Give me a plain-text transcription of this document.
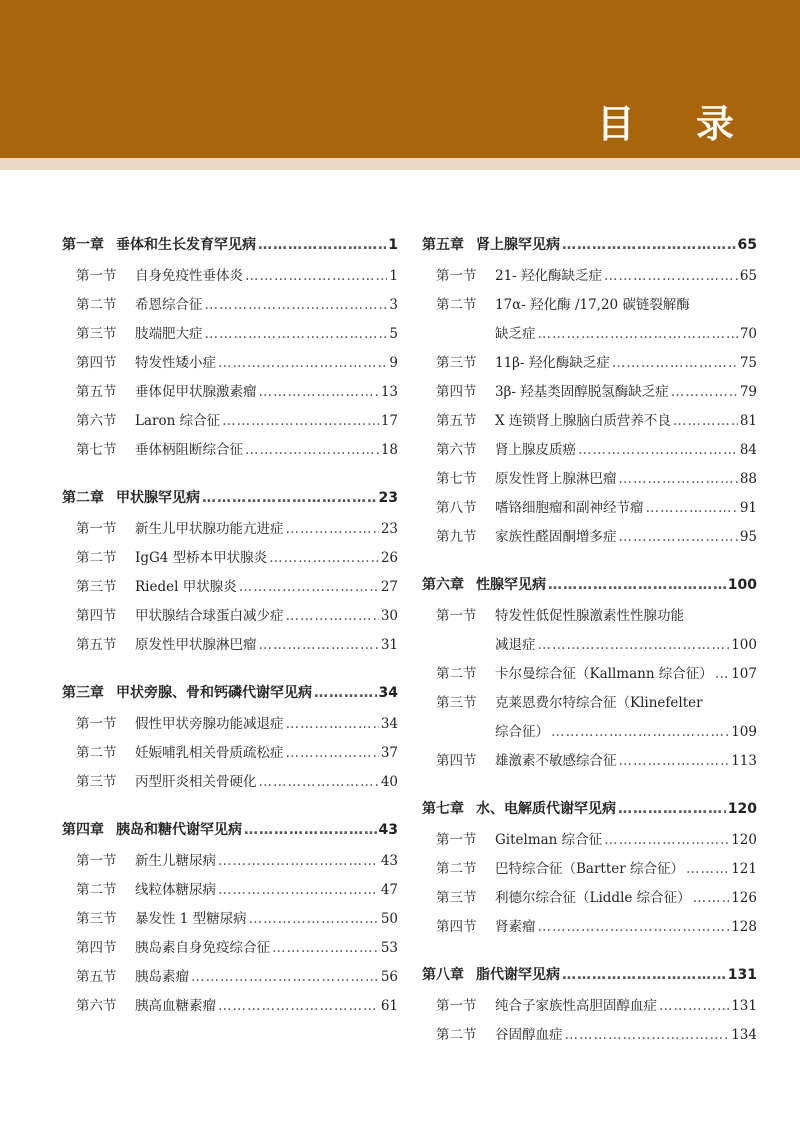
目 录
第一章 垂体和生长发育罕见病 …………………………………………………………………………………………………………………………………………	1
第一节	自身免疫性垂体炎 …………………………………………………………………………………………………………………………………………	1
第二节	希恩综合征 …………………………………………………………………………………………………………………………………………	3
第三节	肢端肥大症 …………………………………………………………………………………………………………………………………………	5
第四节	特发性矮小症 …………………………………………………………………………………………………………………………………………	9
第五节	垂体促甲状腺激素瘤 …………………………………………………………………………………………………………………………………………	13
第六节	Laron 综合征 …………………………………………………………………………………………………………………………………………	17
第七节	垂体柄阻断综合征 …………………………………………………………………………………………………………………………………………	18
第二章 甲状腺罕见病 …………………………………………………………………………………………………………………………………………	23
第一节	新生儿甲状腺功能亢进症 …………………………………………………………………………………………………………………………………………	23
第二节	IgG4 型桥本甲状腺炎 …………………………………………………………………………………………………………………………………………	26
第三节	Riedel 甲状腺炎 …………………………………………………………………………………………………………………………………………	27
第四节	甲状腺结合球蛋白减少症 …………………………………………………………………………………………………………………………………………	30
第五节	原发性甲状腺淋巴瘤 …………………………………………………………………………………………………………………………………………	31
第三章 甲状旁腺、骨和钙磷代谢罕见病 …………………………………………………………………………………………………………………………………………	34
第一节	假性甲状旁腺功能减退症 …………………………………………………………………………………………………………………………………………	34
第二节	妊娠哺乳相关骨质疏松症 …………………………………………………………………………………………………………………………………………	37
第三节	丙型肝炎相关骨硬化 …………………………………………………………………………………………………………………………………………	40
第四章 胰岛和糖代谢罕见病 …………………………………………………………………………………………………………………………………………	43
第一节	新生儿糖尿病 …………………………………………………………………………………………………………………………………………	43
第二节	线粒体糖尿病 …………………………………………………………………………………………………………………………………………	47
第三节	暴发性 1 型糖尿病 …………………………………………………………………………………………………………………………………………	50
第四节	胰岛素自身免疫综合征 …………………………………………………………………………………………………………………………………………	53
第五节	胰岛素瘤 …………………………………………………………………………………………………………………………………………	56
第六节	胰高血糖素瘤 …………………………………………………………………………………………………………………………………………	61
第五章 肾上腺罕见病 …………………………………………………………………………………………………………………………………………	65
第一节	21- 羟化酶缺乏症 …………………………………………………………………………………………………………………………………………	65
第二节	17α- 羟化酶 /17,20 碳链裂解酶
缺乏症 …………………………………………………………………………………………………………………………………………	70
第三节	11β- 羟化酶缺乏症 …………………………………………………………………………………………………………………………………………	75
第四节	3β- 羟基类固醇脱氢酶缺乏症 …………………………………………………………………………………………………………………………………………	79
第五节	X 连锁肾上腺脑白质营养不良 …………………………………………………………………………………………………………………………………………	81
第六节	肾上腺皮质癌 …………………………………………………………………………………………………………………………………………	84
第七节	原发性肾上腺淋巴瘤 …………………………………………………………………………………………………………………………………………	88
第八节	嗜铬细胞瘤和副神经节瘤 …………………………………………………………………………………………………………………………………………	91
第九节	家族性醛固酮增多症 …………………………………………………………………………………………………………………………………………	95
第六章 性腺罕见病 …………………………………………………………………………………………………………………………………………	100
第一节	特发性低促性腺激素性性腺功能
减退症 …………………………………………………………………………………………………………………………………………	100
第二节	卡尔曼综合征（Kallmann 综合征） ………………………………………………………………………………………………………………………………………… 107
第三节	克莱恩费尔特综合征（Klinefelter
综合征） …………………………………………………………………………………………………………………………………………	109
第四节	雄激素不敏感综合征 …………………………………………………………………………………………………………………………………………	113
第七章 水、电解质代谢罕见病 …………………………………………………………………………………………………………………………………………	120
第一节	Gitelman 综合征 …………………………………………………………………………………………………………………………………………	120
第二节	巴特综合征（Bartter 综合征） …………………………………………………………………………………………………………………………………………	121
第三节	利德尔综合征（Liddle 综合征） …………………………………………………………………………………………………………………………………………	126
第四节	肾素瘤 …………………………………………………………………………………………………………………………………………	128
第八章 脂代谢罕见病 …………………………………………………………………………………………………………………………………………	131
第一节	纯合子家族性高胆固醇血症 …………………………………………………………………………………………………………………………………………	131
第二节	谷固醇血症 …………………………………………………………………………………………………………………………………………	134
